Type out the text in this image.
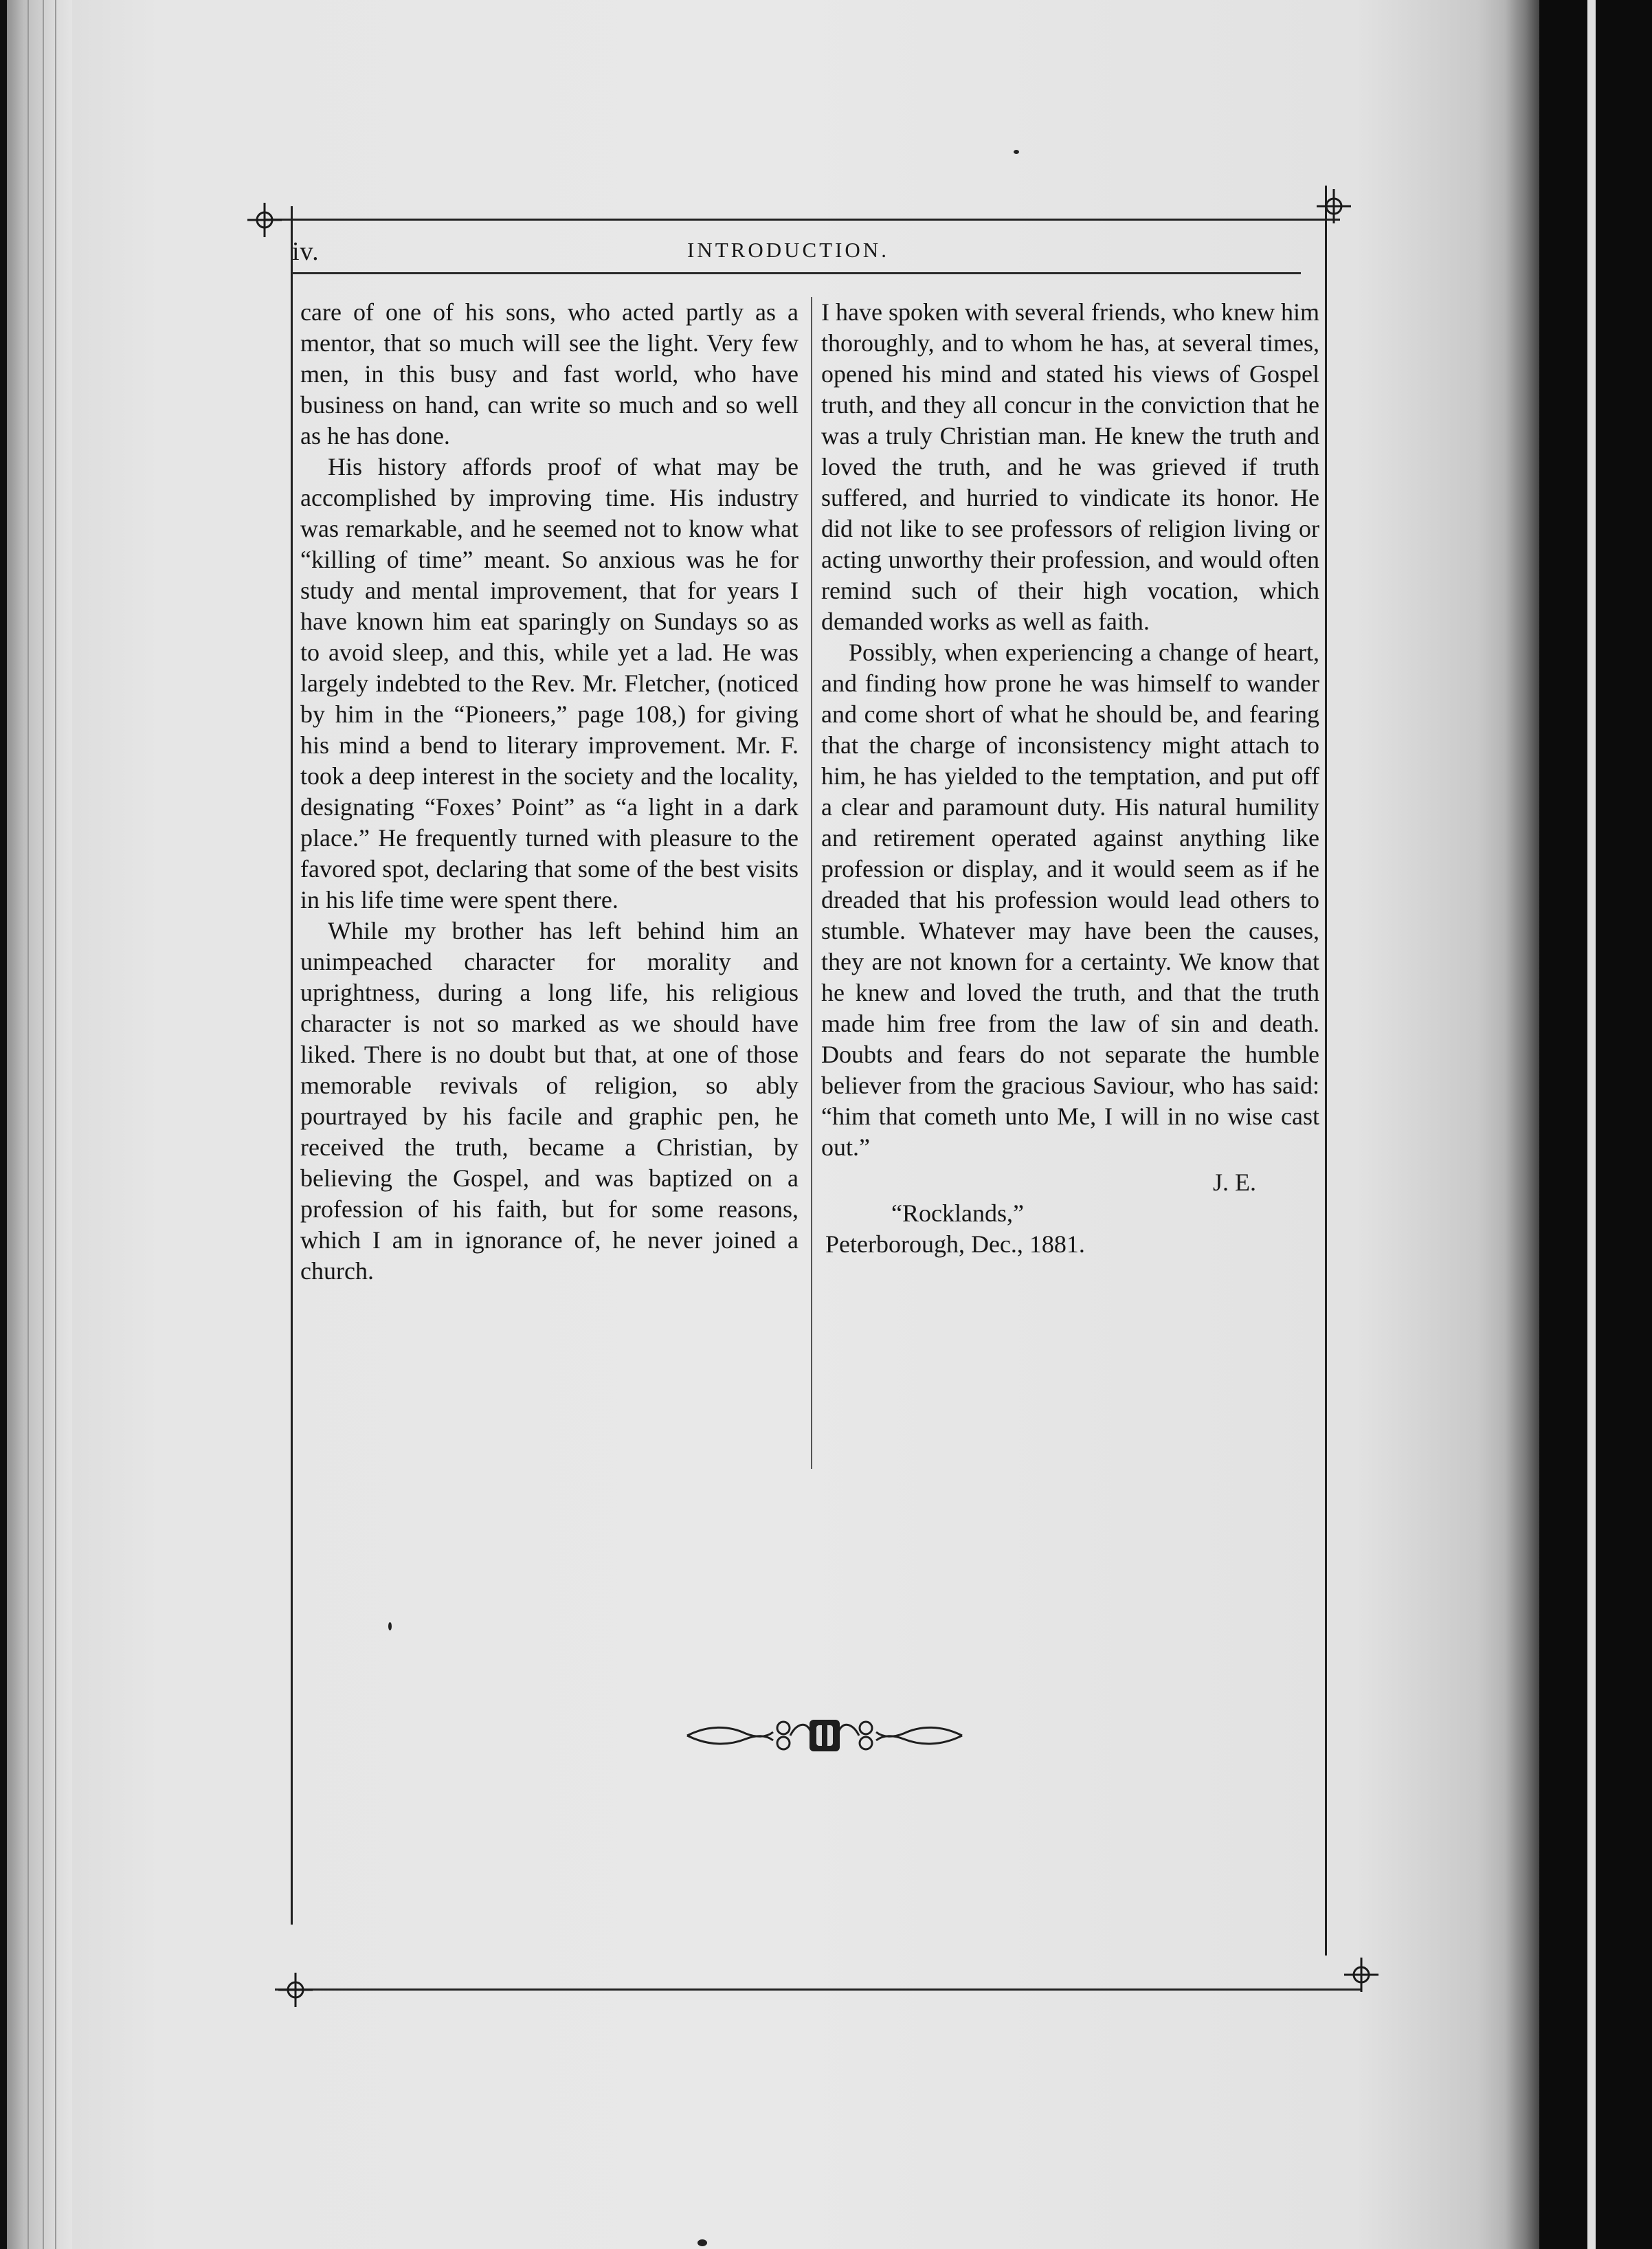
iv.	INTRODUCTION.

care of one of his sons, who acted partly as a mentor, that so much will see the light. Very few men, in this busy and fast world, who have business on hand, can write so much and so well as he has done.

His history affords proof of what may be accomplished by improving time. His industry was remarkable, and he seemed not to know what “killing of time” meant. So anxious was he for study and mental improvement, that for years I have known him eat sparingly on Sundays so as to avoid sleep, and this, while yet a lad. He was largely indebted to the Rev. Mr. Fletcher, (noticed by him in the “Pioneers,” page 108,) for giving his mind a bend to literary improvement. Mr. F. took a deep interest in the society and the locality, designating “Foxes’ Point” as “a light in a dark place.” He frequently turned with pleasure to the favored spot, declaring that some of the best visits in his life time were spent there.

While my brother has left behind him an unimpeached character for morality and uprightness, during a long life, his religious character is not so marked as we should have liked. There is no doubt but that, at one of those memorable revivals of religion, so ably pourtrayed by his facile and graphic pen, he received the truth, became a Christian, by believing the Gospel, and was baptized on a profession of his faith, but for some reasons, which I am in ignorance of, he never joined a church.

I have spoken with several friends, who knew him thoroughly, and to whom he has, at several times, opened his mind and stated his views of Gospel truth, and they all concur in the conviction that he was a truly Christian man. He knew the truth and loved the truth, and he was grieved if truth suffered, and hurried to vindicate its honor. He did not like to see professors of religion living or acting unworthy their profession, and would often remind such of their high vocation, which demanded works as well as faith.

Possibly, when experiencing a change of heart, and finding how prone he was himself to wander and come short of what he should be, and fearing that the charge of inconsistency might attach to him, he has yielded to the temptation, and put off a clear and paramount duty. His natural humility and retirement operated against anything like profession or display, and it would seem as if he dreaded that his profession would lead others to stumble. Whatever may have been the causes, they are not known for a certainty. We know that he knew and loved the truth, and that the truth made him free from the law of sin and death. Doubts and fears do not separate the humble believer from the gracious Saviour, who has said: “him that cometh unto Me, I will in no wise cast out.”

J. E.

“Rocklands,”

Peterborough, Dec., 1881.
